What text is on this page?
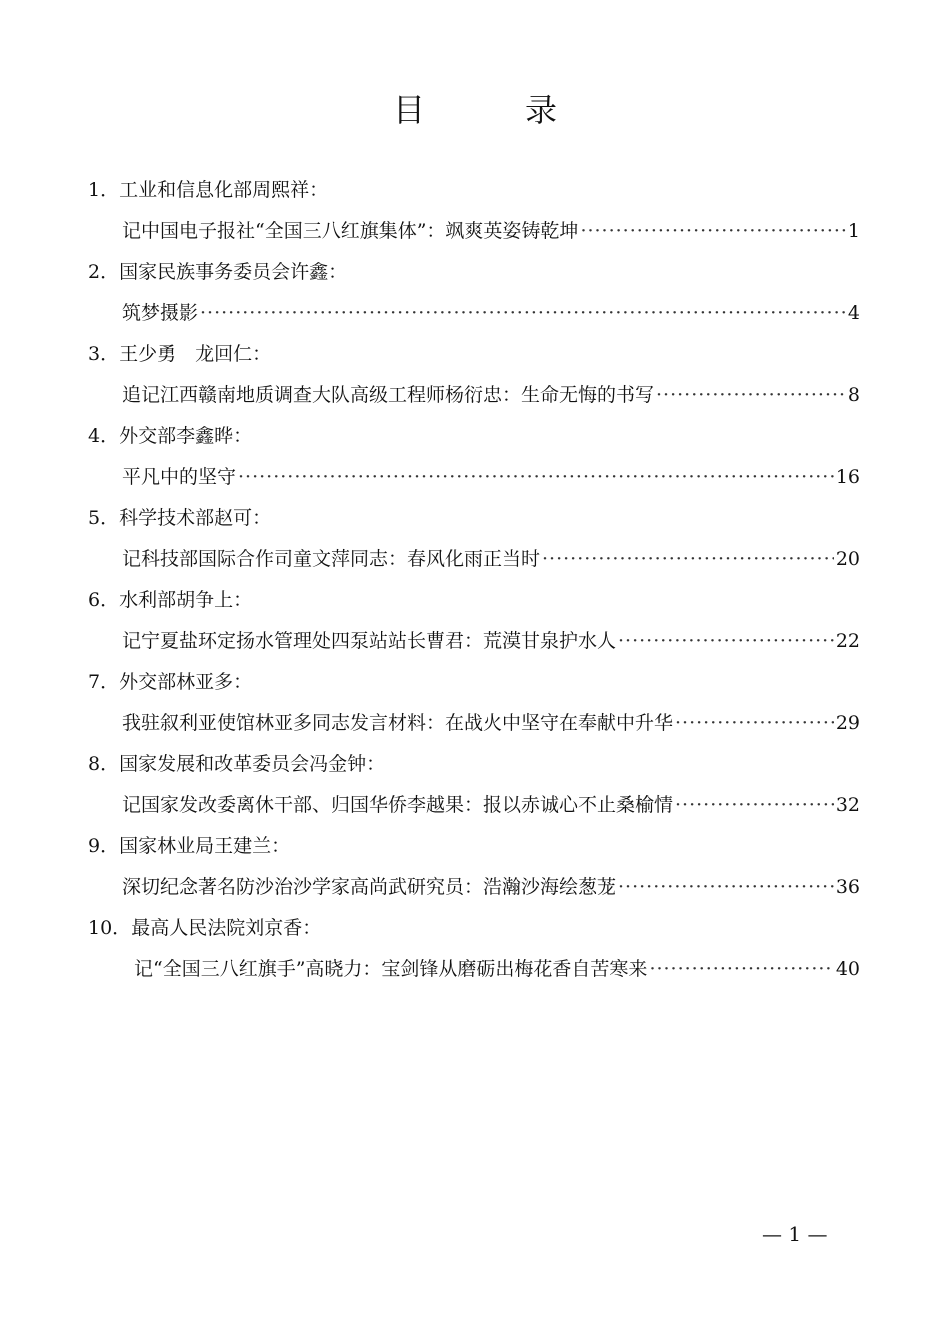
目　录
1．工业和信息化部周熙祥：
记中国电子报社“全国三八红旗集体”：飒爽英姿铸乾坤 ·····	1
2．国家民族事务委员会许鑫：
筑梦摄影 ·····	4
3．王少勇　龙回仁：
追记江西赣南地质调查大队高级工程师杨衍忠：生命无悔的书写 ·····	8
4．外交部李鑫晔：
平凡中的坚守 ·····	16
5．科学技术部赵可：
记科技部国际合作司童文萍同志：春风化雨正当时 ·····	20
6．水利部胡争上：
记宁夏盐环定扬水管理处四泵站站长曹君：荒漠甘泉护水人 ·····	22
7．外交部林亚多：
我驻叙利亚使馆林亚多同志发言材料：在战火中坚守在奉献中升华 ·····	29
8．国家发展和改革委员会冯金钟：
记国家发改委离休干部、归国华侨李越果：报以赤诚心不止桑榆情 ·····	32
9．国家林业局王建兰：
深切纪念著名防沙治沙学家高尚武研究员：浩瀚沙海绘葱茏 ·····	36
10．最高人民法院刘京香：
记“全国三八红旗手”高晓力：宝剑锋从磨砺出梅花香自苦寒来 ·····	40
— 1 —
